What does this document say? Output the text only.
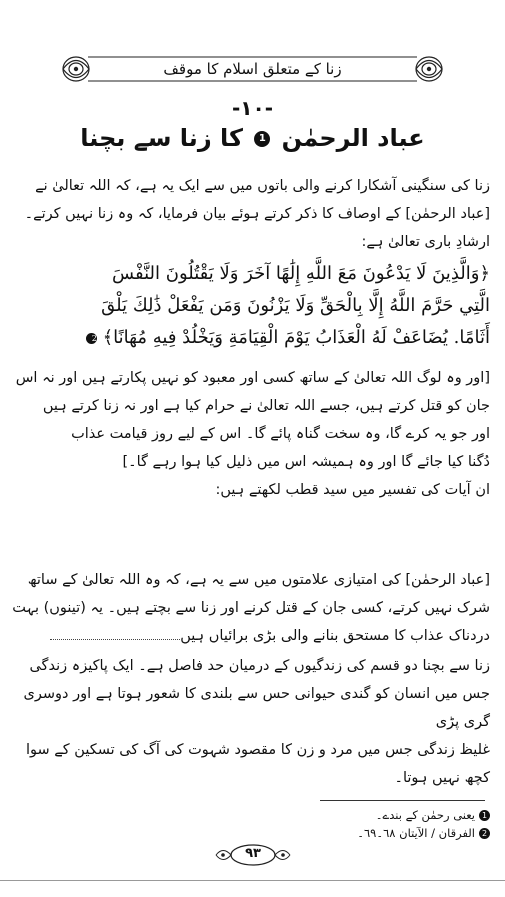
زنا کے متعلق اسلام کا موقف
-١٠-
عباد الرحمٰن 1 کا زنا سے بچنا
زنا کی سنگینی آشکارا کرنے والی باتوں میں سے ایک یہ ہے، کہ اللہ تعالیٰ نے
[عباد الرحمٰن] کے اوصاف کا ذکر کرتے ہوئے بیان فرمایا، کہ وہ زنا نہیں کرتے۔
ارشادِ باری تعالیٰ ہے:
﴿وَالَّذِينَ لَا يَدْعُونَ مَعَ اللَّهِ إِلَٰهًا آخَرَ وَلَا يَقْتُلُونَ النَّفْسَ
الَّتِي حَرَّمَ اللَّهُ إِلَّا بِالْحَقِّ وَلَا يَزْنُونَ وَمَن يَفْعَلْ ذَٰلِكَ يَلْقَ
أَثَامًا. يُضَاعَفْ لَهُ الْعَذَابُ يَوْمَ الْقِيَامَةِ وَيَخْلُدْ فِيهِ مُهَانًا﴾ 2
[اور وہ لوگ اللہ تعالیٰ کے ساتھ کسی اور معبود کو نہیں پکارتے ہیں اور نہ اس
جان کو قتل کرتے ہیں، جسے اللہ تعالیٰ نے حرام کیا ہے اور نہ زنا کرتے ہیں
اور جو یہ کرے گا، وہ سخت گناہ پائے گا۔ اس کے لیے روز قیامت عذاب
دُگنا کیا جائے گا اور وہ ہمیشہ اس میں ذلیل کیا ہوا رہے گا۔]
ان آیات کی تفسیر میں سید قطب لکھتے ہیں:
[عباد الرحمٰن] کی امتیازی علامتوں میں سے یہ ہے، کہ وہ اللہ تعالیٰ کے ساتھ
شرک نہیں کرتے، کسی جان کے قتل کرنے اور زنا سے بچتے ہیں۔ یہ (تینوں) بہت
دردناک عذاب کا مستحق بنانے والی بڑی برائیاں ہیں
زنا سے بچنا دو قسم کی زندگیوں کے درمیان حد فاصل ہے۔ ایک پاکیزہ زندگی
جس میں انسان کو گندی حیوانی حس سے بلندی کا شعور ہوتا ہے اور دوسری گری پڑی
غلیظ زندگی جس میں مرد و زن کا مقصود شہوت کی آگ کی تسکین کے سوا کچھ نہیں ہوتا۔
1یعنی رحمٰن کے بندے۔
2الفرقان / الآیتان ٦٨۔٦٩۔
٩٣
